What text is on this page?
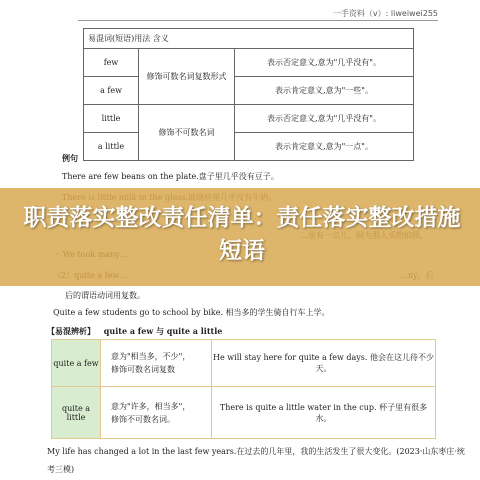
一手资料（v）: liweiwei255
易混词(短语)用法 含义		
few	修饰可数名词复数形式	表示否定意义,意为"几乎没有"。
a few		表示肯定意义,意为"一些"。
little	修饰不可数名词	表示否定意义,意为"几乎没有"。
a little		表示肯定意义,意为"一点"。
例句
There are few beans on the plate.盘子里几乎没有豆子。
职责落实整改责任清单：责任落实整改措施短语
后的谓语动词用复数。
Quite a few students go to school by bike. 相当多的学生骑自行车上学。
【易混辨析】 quite a few 与 quite a little
quite a few	意为"相当多，不少"，
修饰可数名词复数	He will stay here for quite a few days. 他会在这儿待不少天。
quite a little	意为"许多，相当多"，
修饰不可数名词。	There is quite a little water in the cup. 杯子里有很多水。
My life has changed a lot in the last few years.在过去的几年里，我的生活发生了很大变化。(2023·山东枣庄·统
考三模)
